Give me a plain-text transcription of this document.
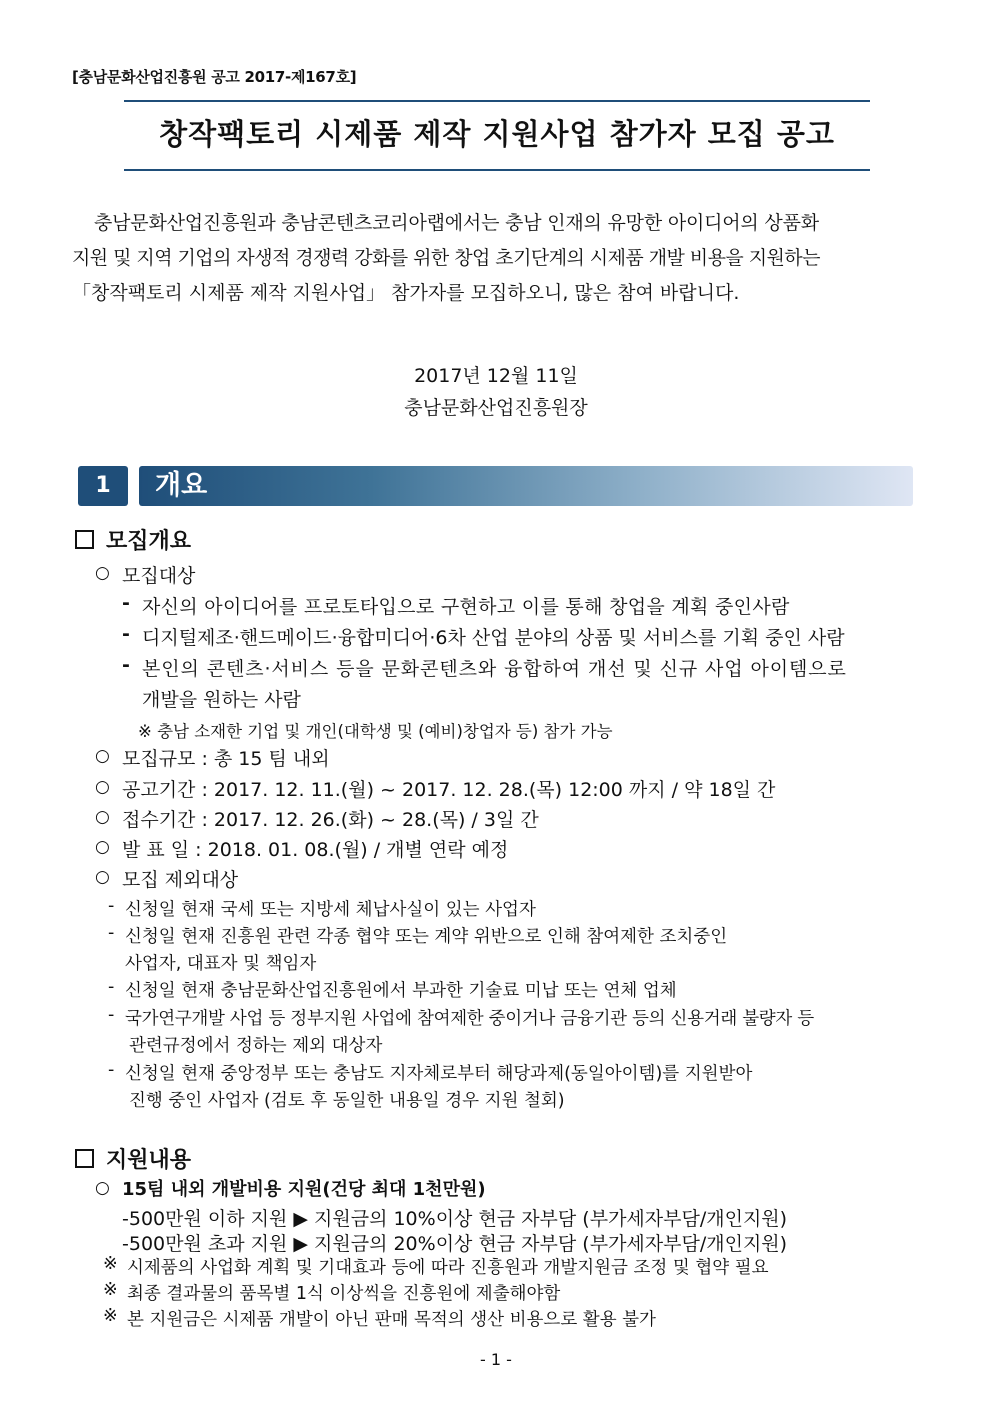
[충남문화산업진흥원 공고 2017-제167호]
창작팩토리 시제품 제작 지원사업 참가자 모집 공고
충남문화산업진흥원과 충남콘텐츠코리아랩에서는 충남 인재의 유망한 아이디어의 상품화
지원 및 지역 기업의 자생적 경쟁력 강화를 위한 창업 초기단계의 시제품 개발 비용을 지원하는
「창작팩토리 시제품 제작 지원사업」 참가자를 모집하오니, 많은 참여 바랍니다.
2017년 12월 11일
충남문화산업진흥원장
1	개요
모집개요
○ 모집대상
- 자신의 아이디어를 프로토타입으로 구현하고 이를 통해 창업을 계획 중인사람
- 디지털제조·핸드메이드·융합미디어·6차 산업 분야의 상품 및 서비스를 기획 중인 사람
- 본인의 콘텐츠·서비스 등을 문화콘텐츠와 융합하여 개선 및 신규 사업 아이템으로
개발을 원하는 사람
※ 충남 소재한 기업 및 개인(대학생 및 (예비)창업자 등) 참가 가능
○ 모집규모 : 총 15 팀 내외
○ 공고기간 : 2017. 12. 11.(월) ~ 2017. 12. 28.(목) 12:00 까지 / 약 18일 간
○ 접수기간 : 2017. 12. 26.(화) ~ 28.(목) / 3일 간
○ 발 표 일 : 2018. 01. 08.(월) / 개별 연락 예정
○ 모집 제외대상
- 신청일 현재 국세 또는 지방세 체납사실이 있는 사업자
- 신청일 현재 진흥원 관련 각종 협약 또는 계약 위반으로 인해 참여제한 조치중인
사업자, 대표자 및 책임자
- 신청일 현재 충남문화산업진흥원에서 부과한 기술료 미납 또는 연체 업체
- 국가연구개발 사업 등 정부지원 사업에 참여제한 중이거나 금융기관 등의 신용거래 불량자 등
관련규정에서 정하는 제외 대상자
- 신청일 현재 중앙정부 또는 충남도 지자체로부터 해당과제(동일아이템)를 지원받아
진행 중인 사업자 (검토 후 동일한 내용일 경우 지원 철회)
지원내용
○ 15팀 내외 개발비용 지원(건당 최대 1천만원)
-500만원 이하 지원 ▶ 지원금의 10%이상 현금 자부담 (부가세자부담/개인지원)
-500만원 초과 지원 ▶ 지원금의 20%이상 현금 자부담 (부가세자부담/개인지원)
※ 시제품의 사업화 계획 및 기대효과 등에 따라 진흥원과 개발지원금 조정 및 협약 필요
※ 최종 결과물의 품목별 1식 이상씩을 진흥원에 제출해야함
※ 본 지원금은 시제품 개발이 아닌 판매 목적의 생산 비용으로 활용 불가
- 1 -
